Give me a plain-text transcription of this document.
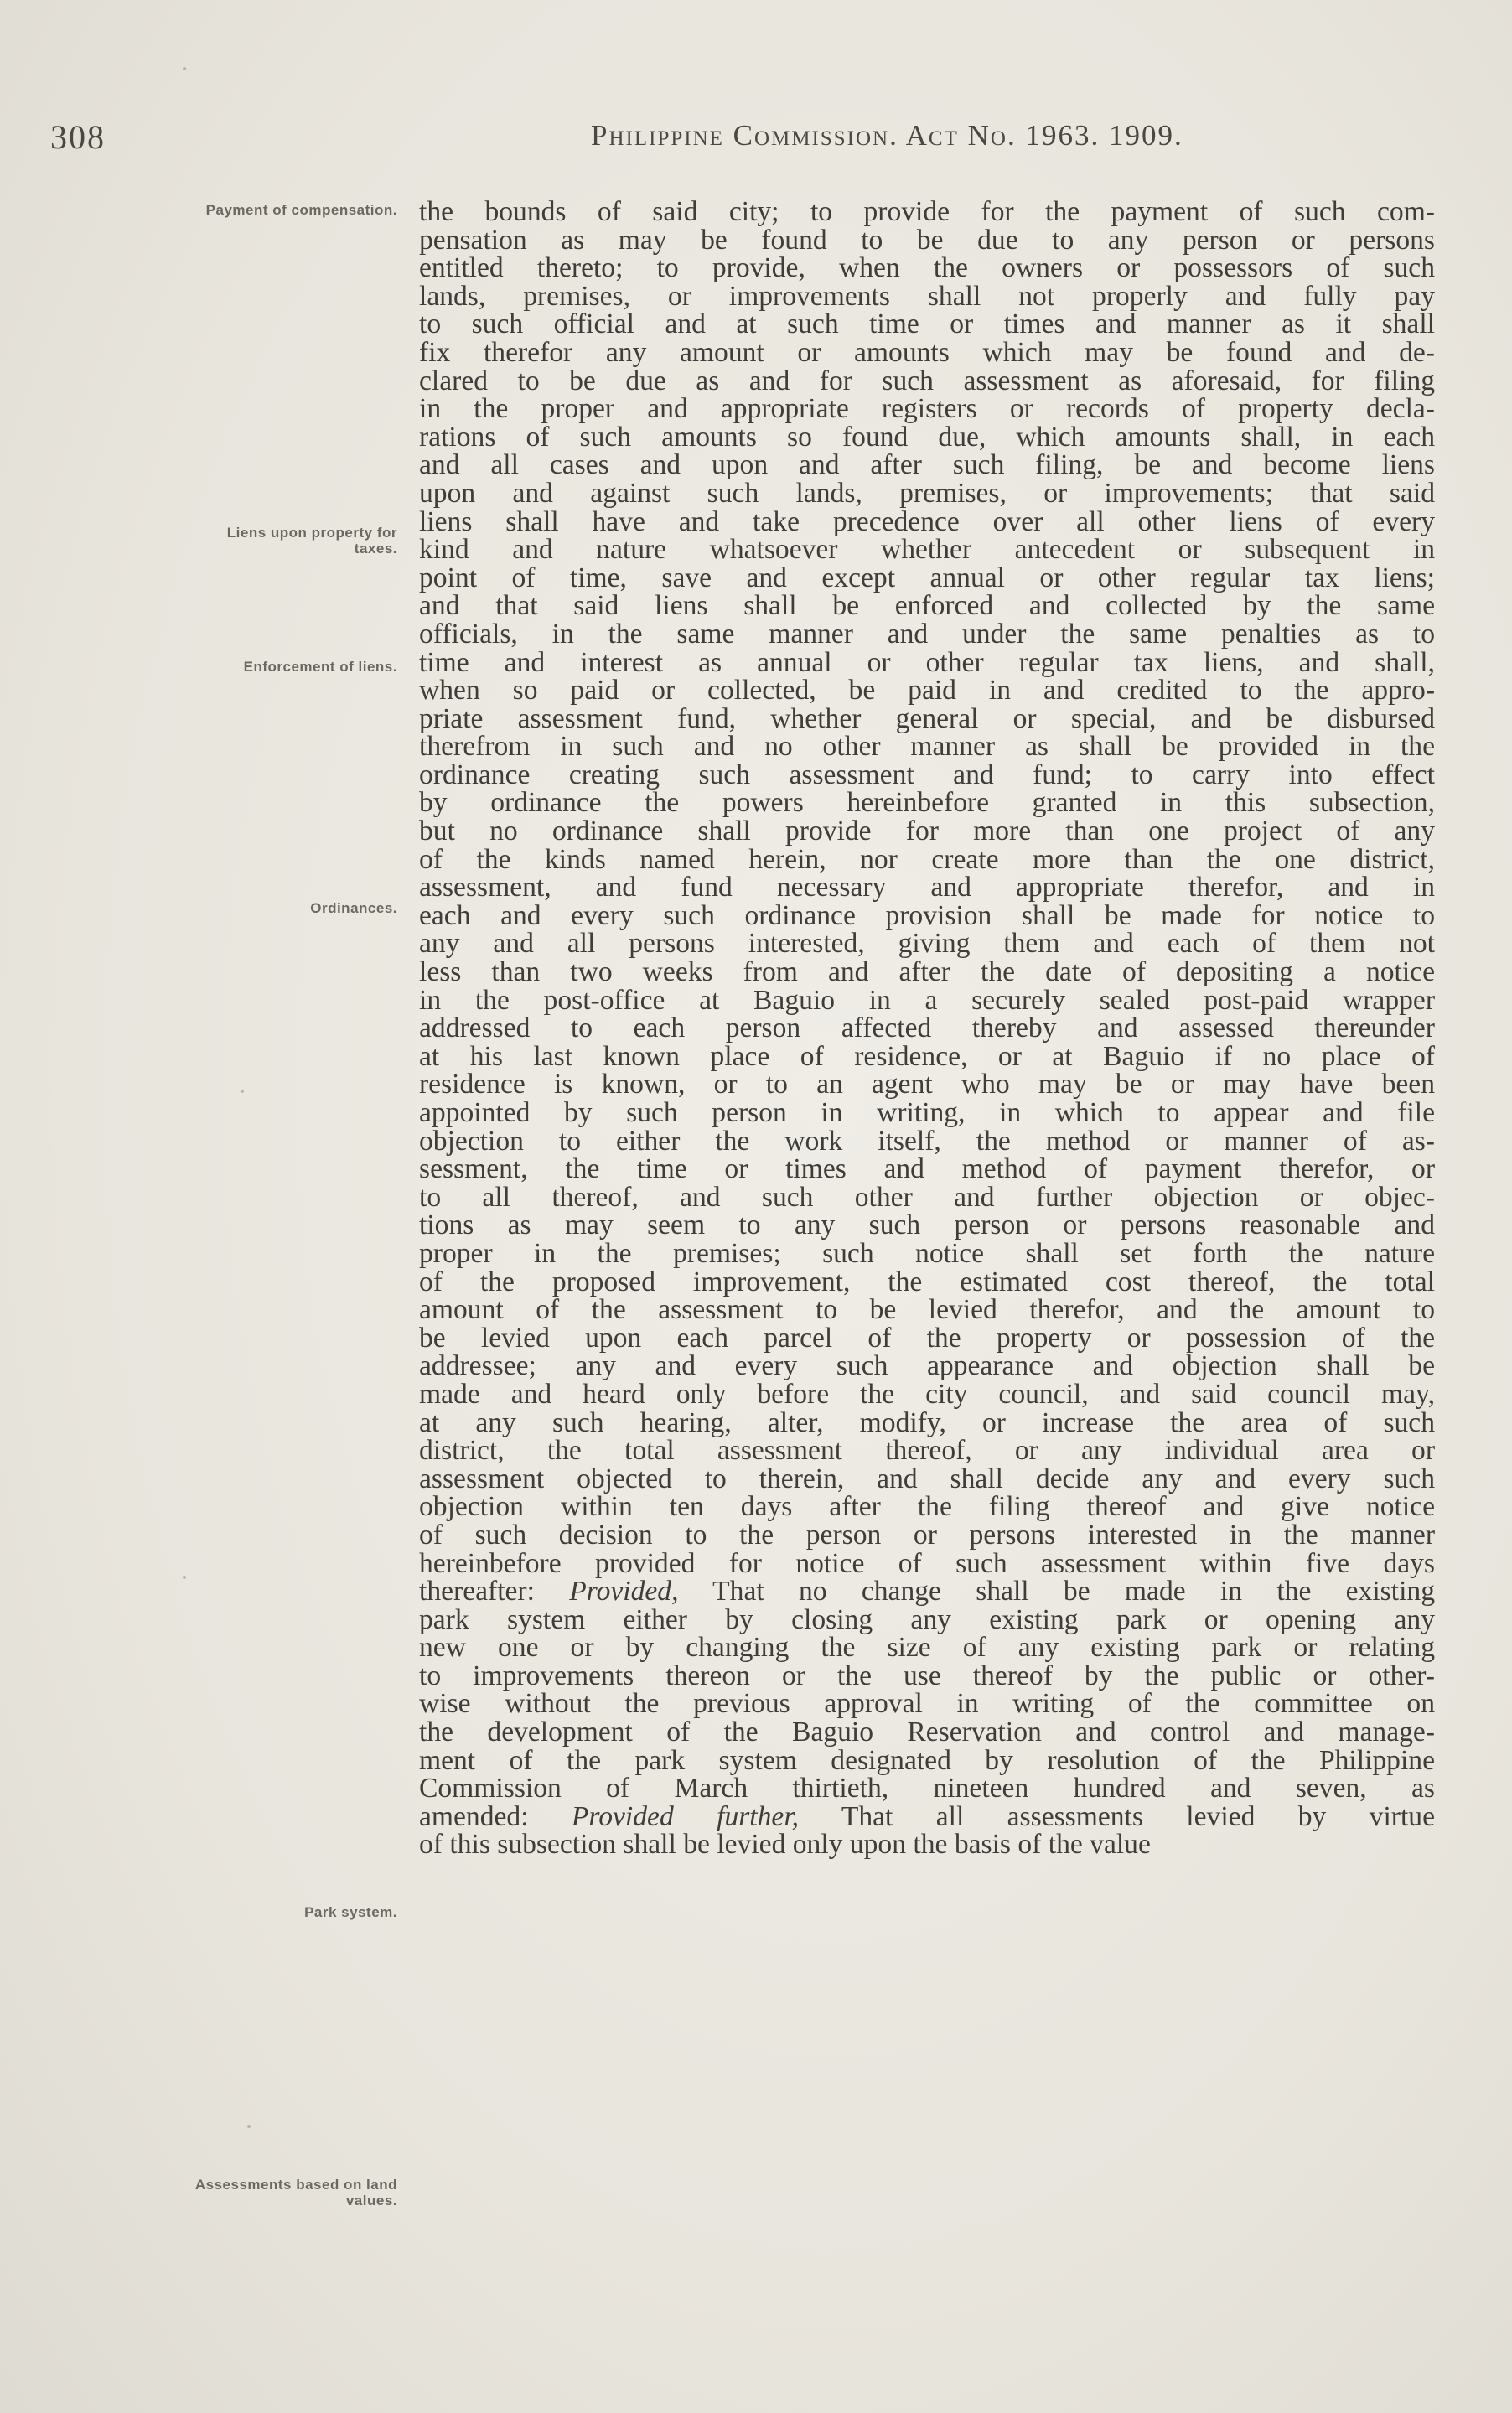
308	Philippine Commission. Act No. 1963. 1909.
Payment of compensation.
Liens upon property for taxes.
Enforcement of liens.
Ordinances.
Park system.
Assessments based on land values.
the bounds of said city; to provide for the payment of such com-
pensation as may be found to be due to any person or persons
entitled thereto; to provide, when the owners or possessors of such
lands, premises, or improvements shall not properly and fully pay
to such official and at such time or times and manner as it shall
fix therefor any amount or amounts which may be found and de-
clared to be due as and for such assessment as aforesaid, for filing
in the proper and appropriate registers or records of property decla-
rations of such amounts so found due, which amounts shall, in each
and all cases and upon and after such filing, be and become liens
upon and against such lands, premises, or improvements; that said
liens shall have and take precedence over all other liens of every
kind and nature whatsoever whether antecedent or subsequent in
point of time, save and except annual or other regular tax liens;
and that said liens shall be enforced and collected by the same
officials, in the same manner and under the same penalties as to
time and interest as annual or other regular tax liens, and shall,
when so paid or collected, be paid in and credited to the appro-
priate assessment fund, whether general or special, and be disbursed
therefrom in such and no other manner as shall be provided in the
ordinance creating such assessment and fund; to carry into effect
by ordinance the powers hereinbefore granted in this subsection,
but no ordinance shall provide for more than one project of any
of the kinds named herein, nor create more than the one district,
assessment, and fund necessary and appropriate therefor, and in
each and every such ordinance provision shall be made for notice to
any and all persons interested, giving them and each of them not
less than two weeks from and after the date of depositing a notice
in the post-office at Baguio in a securely sealed post-paid wrapper
addressed to each person affected thereby and assessed thereunder
at his last known place of residence, or at Baguio if no place of
residence is known, or to an agent who may be or may have been
appointed by such person in writing, in which to appear and file
objection to either the work itself, the method or manner of as-
sessment, the time or times and method of payment therefor, or
to all thereof, and such other and further objection or objec-
tions as may seem to any such person or persons reasonable and
proper in the premises; such notice shall set forth the nature
of the proposed improvement, the estimated cost thereof, the total
amount of the assessment to be levied therefor, and the amount to
be levied upon each parcel of the property or possession of the
addressee; any and every such appearance and objection shall be
made and heard only before the city council, and said council may,
at any such hearing, alter, modify, or increase the area of such
district, the total assessment thereof, or any individual area or
assessment objected to therein, and shall decide any and every such
objection within ten days after the filing thereof and give notice
of such decision to the person or persons interested in the manner
hereinbefore provided for notice of such assessment within five days
thereafter: Provided, That no change shall be made in the existing
park system either by closing any existing park or opening any
new one or by changing the size of any existing park or relating
to improvements thereon or the use thereof by the public or other-
wise without the previous approval in writing of the committee on
the development of the Baguio Reservation and control and manage-
ment of the park system designated by resolution of the Philippine
Commission of March thirtieth, nineteen hundred and seven, as
amended: Provided further, That all assessments levied by virtue
of this subsection shall be levied only upon the basis of the value
